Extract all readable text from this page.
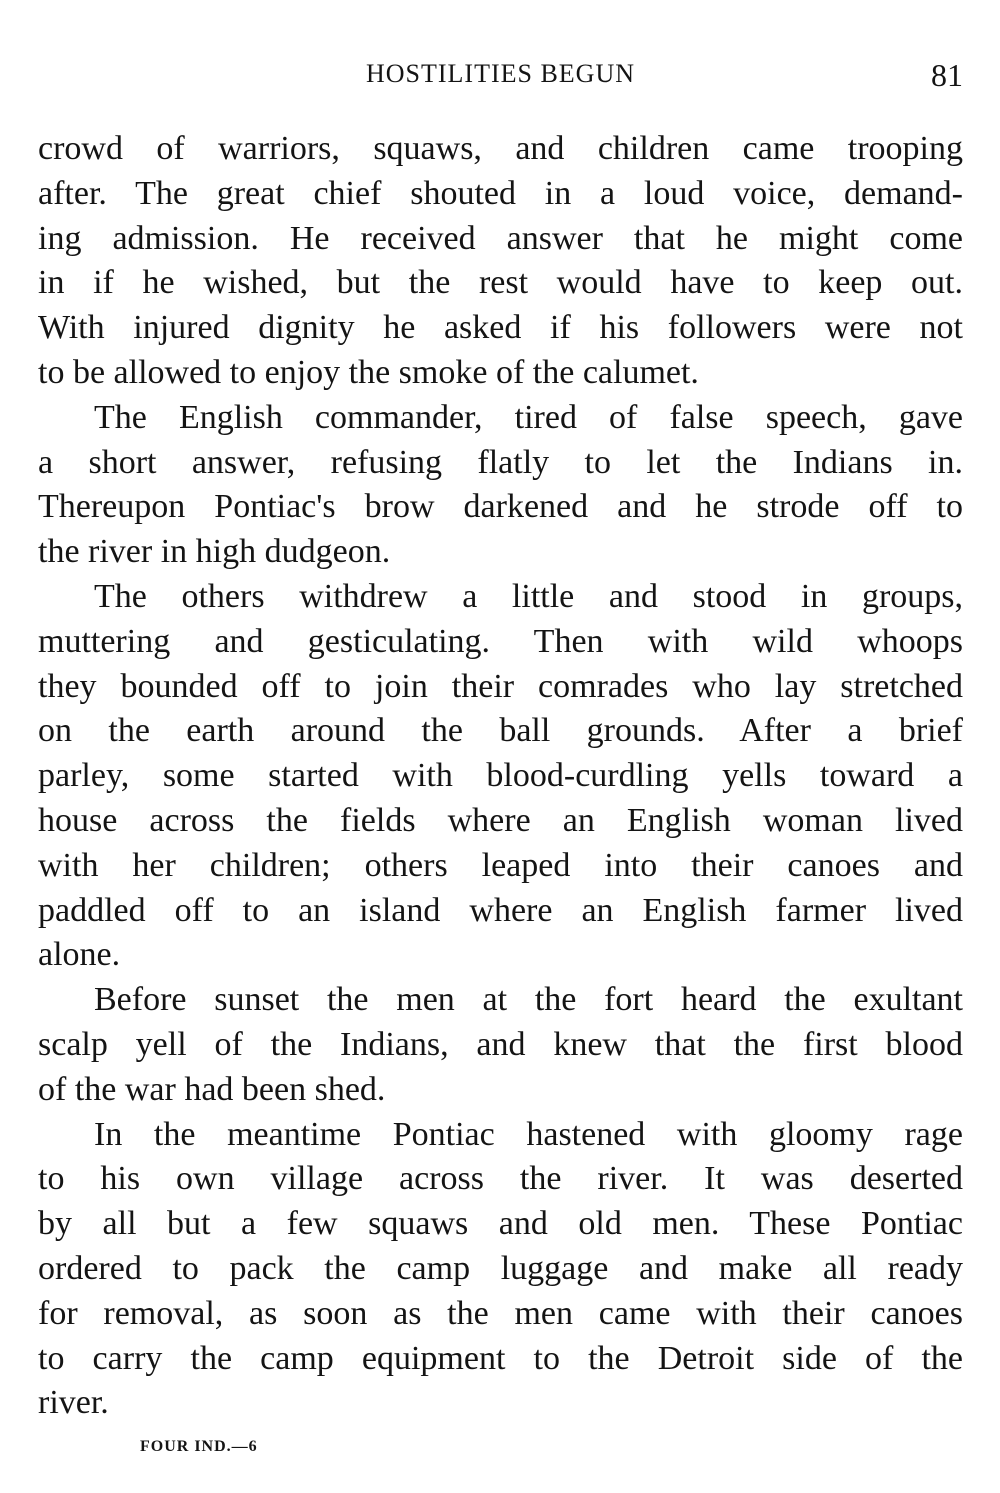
HOSTILITIES BEGUN	81
crowd of warriors, squaws, and children came trooping
after. The great chief shouted in a loud voice, demand-
ing admission. He received answer that he might come
in if he wished, but the rest would have to keep out.
With injured dignity he asked if his followers were not
to be allowed to enjoy the smoke of the calumet.
The English commander, tired of false speech, gave
a short answer, refusing flatly to let the Indians in.
Thereupon Pontiac's brow darkened and he strode off to
the river in high dudgeon.
The others withdrew a little and stood in groups,
muttering and gesticulating. Then with wild whoops
they bounded off to join their comrades who lay stretched
on the earth around the ball grounds. After a brief
parley, some started with blood-curdling yells toward a
house across the fields where an English woman lived
with her children; others leaped into their canoes and
paddled off to an island where an English farmer lived
alone.
Before sunset the men at the fort heard the exultant
scalp yell of the Indians, and knew that the first blood
of the war had been shed.
In the meantime Pontiac hastened with gloomy rage
to his own village across the river. It was deserted
by all but a few squaws and old men. These Pontiac
ordered to pack the camp luggage and make all ready
for removal, as soon as the men came with their canoes
to carry the camp equipment to the Detroit side of the
river.
FOUR IND.—6
